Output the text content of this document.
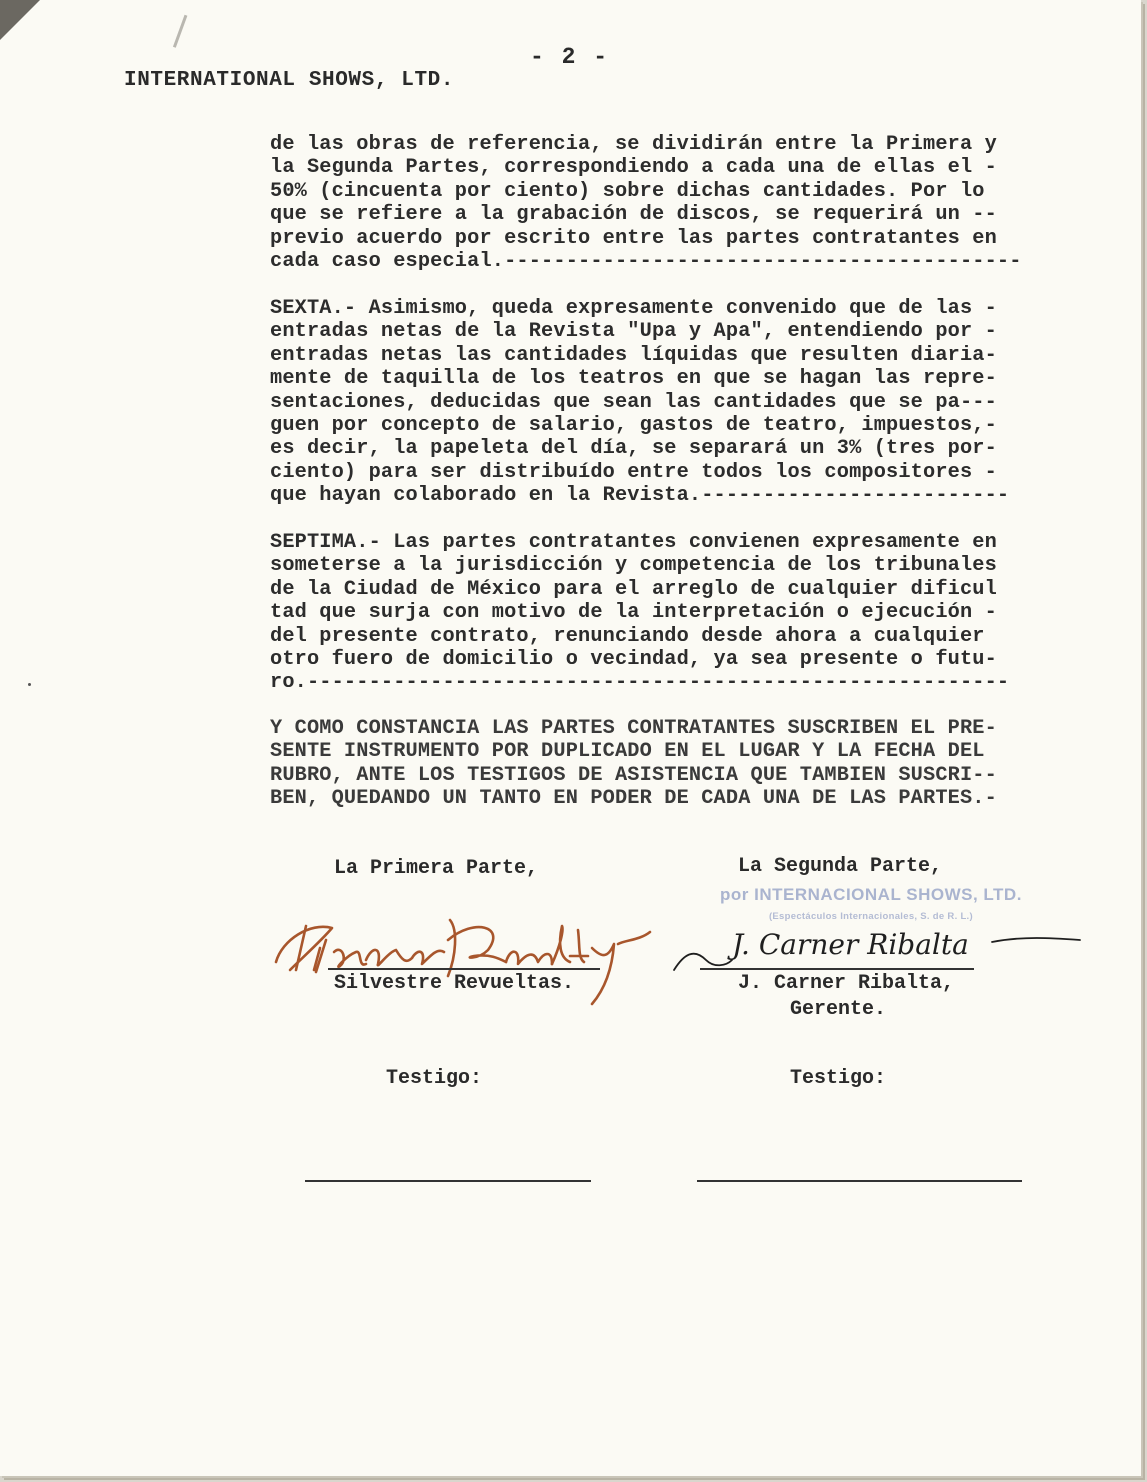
- 2 -
INTERNATIONAL SHOWS, LTD.
de las obras de referencia, se dividirán entre la Primera y
la Segunda Partes, correspondiendo a cada una de ellas el -
50% (cincuenta por ciento) sobre dichas cantidades. Por lo
que se refiere a la grabación de discos, se requerirá un --
previo acuerdo por escrito entre las partes contratantes en
cada caso especial.------------------------------------------
SEXTA.- Asimismo, queda expresamente convenido que de las -
entradas netas de la Revista "Upa y Apa", entendiendo por -
entradas netas las cantidades líquidas que resulten diaria-
mente de taquilla de los teatros en que se hagan las repre-
sentaciones, deducidas que sean las cantidades que se pa---
guen por concepto de salario, gastos de teatro, impuestos,-
es decir, la papeleta del día, se separará un 3% (tres por-
ciento) para ser distribuído entre todos los compositores -
que hayan colaborado en la Revista.-------------------------
SEPTIMA.- Las partes contratantes convienen expresamente en
someterse a la jurisdicción y competencia de los tribunales
de la Ciudad de México para el arreglo de cualquier dificul
tad que surja con motivo de la interpretación o ejecución -
del presente contrato, renunciando desde ahora a cualquier
otro fuero de domicilio o vecindad, ya sea presente o futu-
ro.---------------------------------------------------------
Y COMO CONSTANCIA LAS PARTES CONTRATANTES SUSCRIBEN EL PRE-
SENTE INSTRUMENTO POR DUPLICADO EN EL LUGAR Y LA FECHA DEL
RUBRO, ANTE LOS TESTIGOS DE ASISTENCIA QUE TAMBIEN SUSCRI--
BEN, QUEDANDO UN TANTO EN PODER DE CADA UNA DE LAS PARTES.-
La Primera Parte,	La Segunda Parte,
por INTERNACIONAL SHOWS, LTD.
(Espectáculos Internacionales, S. de R. L.)
Silvestre Revueltas.
J. Carner Ribalta
J. Carner Ribalta,
Gerente.
Testigo:	Testigo:
